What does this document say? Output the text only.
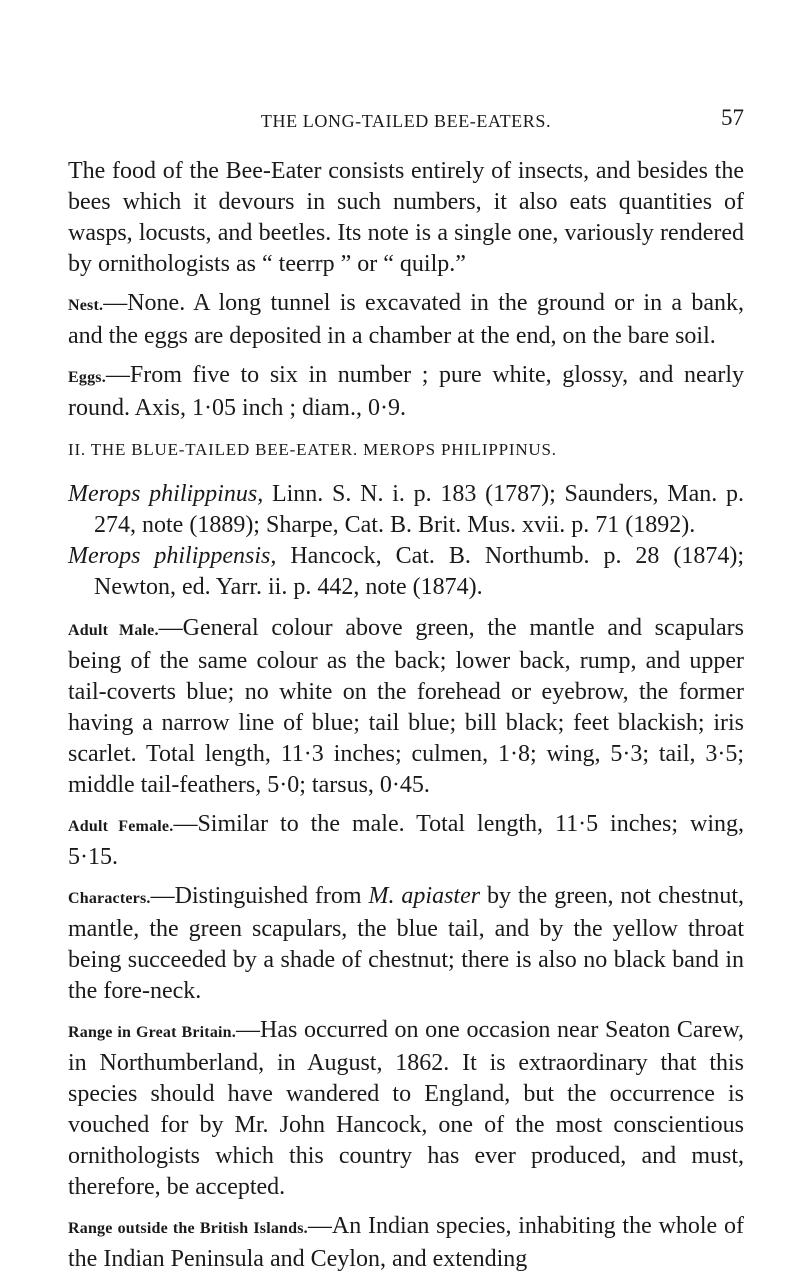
THE LONG-TAILED BEE-EATERS.	57

The food of the Bee-Eater consists entirely of insects, and besides the bees which it devours in such numbers, it also eats quantities of wasps, locusts, and beetles. Its note is a single one, variously rendered by ornithologists as “ teerrp ” or “ quilp.”

Nest.—None. A long tunnel is excavated in the ground or in a bank, and the eggs are deposited in a chamber at the end, on the bare soil.

Eggs.—From five to six in number ; pure white, glossy, and nearly round. Axis, 1·05 inch ; diam., 0·9.

II. THE BLUE-TAILED BEE-EATER. MEROPS PHILIPPINUS.

Merops philippinus, Linn. S. N. i. p. 183 (1787); Saunders, Man. p. 274, note (1889); Sharpe, Cat. B. Brit. Mus. xvii. p. 71 (1892).

Merops philippensis, Hancock, Cat. B. Northumb. p. 28 (1874); Newton, ed. Yarr. ii. p. 442, note (1874).

Adult Male.—General colour above green, the mantle and scapulars being of the same colour as the back; lower back, rump, and upper tail-coverts blue; no white on the forehead or eyebrow, the former having a narrow line of blue; tail blue; bill black; feet blackish; iris scarlet. Total length, 11·3 inches; culmen, 1·8; wing, 5·3; tail, 3·5; middle tail-feathers, 5·0; tarsus, 0·45.

Adult Female.—Similar to the male. Total length, 11·5 inches; wing, 5·15.

Characters.—Distinguished from M. apiaster by the green, not chestnut, mantle, the green scapulars, the blue tail, and by the yellow throat being succeeded by a shade of chestnut; there is also no black band in the fore-neck.

Range in Great Britain.—Has occurred on one occasion near Seaton Carew, in Northumberland, in August, 1862. It is extraordinary that this species should have wandered to England, but the occurrence is vouched for by Mr. John Hancock, one of the most conscientious ornithologists which this country has ever produced, and must, therefore, be accepted.

Range outside the British Islands.—An Indian species, inhabiting the whole of the Indian Peninsula and Ceylon, and extending
